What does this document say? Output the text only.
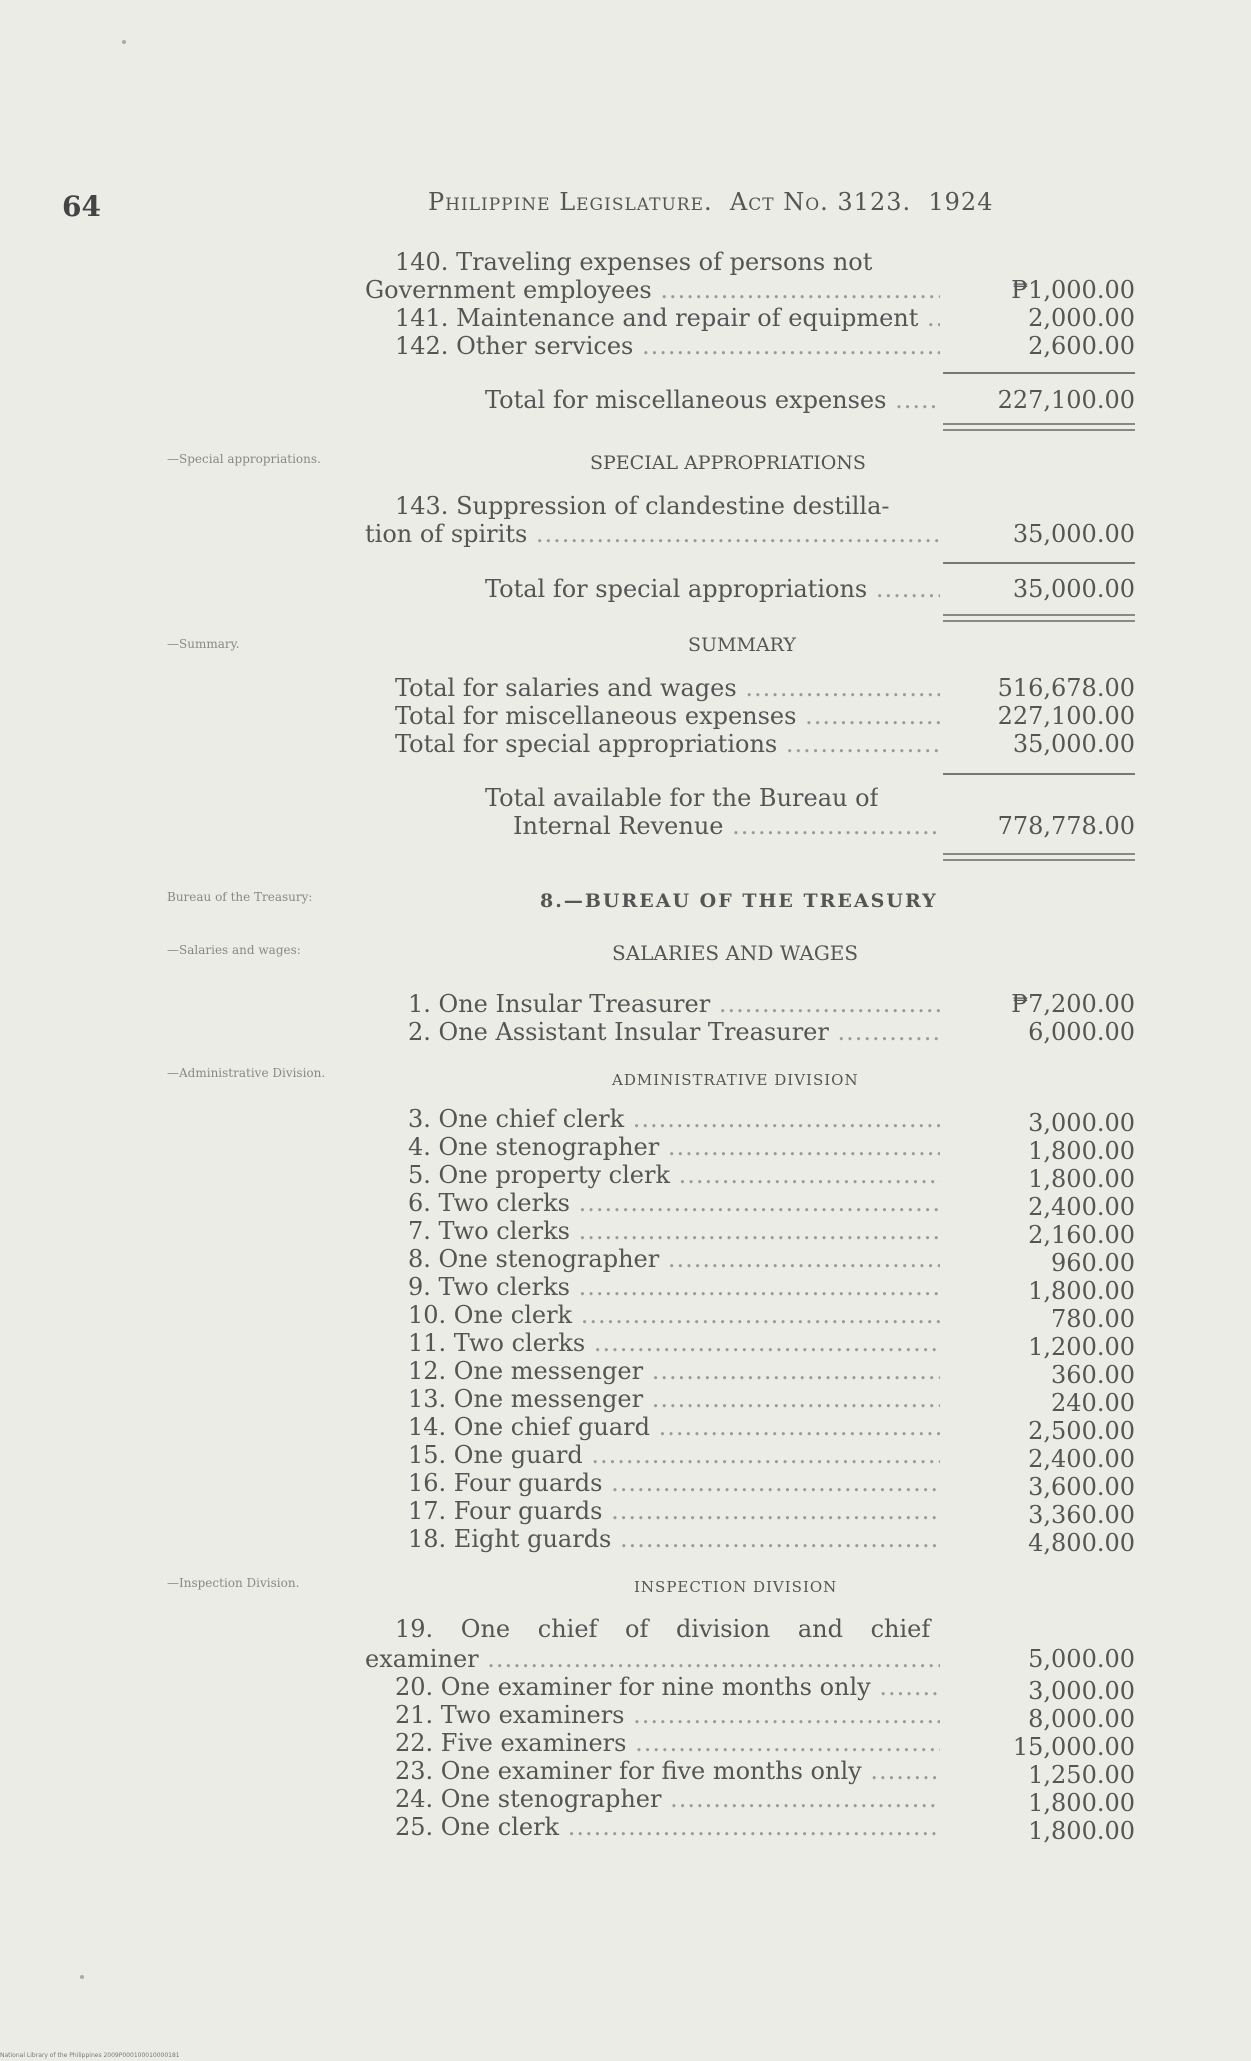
64	Philippine Legislature. Act No. 3123. 1924
140. Traveling expenses of persons not
Government employees .....	₱1,000.00
141. Maintenance and repair of equipment .....	2,000.00
142. Other services .....	2,600.00
Total for miscellaneous expenses .....	227,100.00
—Special appropriations.	SPECIAL APPROPRIATIONS
143. Suppression of clandestine destilla-
tion of spirits .....	35,000.00
Total for special appropriations .....	35,000.00
—Summary.	SUMMARY
Total for salaries and wages .....	516,678.00
Total for miscellaneous expenses .....	227,100.00
Total for special appropriations .....	35,000.00
Total available for the Bureau of
Internal Revenue .....	778,778.00
Bureau of the Treasury:	8.—BUREAU OF THE TREASURY
—Salaries and wages:	SALARIES AND WAGES
1. One Insular Treasurer .....	₱7,200.00
2. One Assistant Insular Treasurer .....	6,000.00
—Administrative Division.	ADMINISTRATIVE DIVISION
3. One chief clerk .....	3,000.00
4. One stenographer .....	1,800.00
5. One property clerk .....	1,800.00
6. Two clerks .....	2,400.00
7. Two clerks .....	2,160.00
8. One stenographer .....	960.00
9. Two clerks .....	1,800.00
10. One clerk .....	780.00
11. Two clerks .....	1,200.00
12. One messenger .....	360.00
13. One messenger .....	240.00
14. One chief guard .....	2,500.00
15. One guard .....	2,400.00
16. Four guards .....	3,600.00
17. Four guards .....	3,360.00
18. Eight guards .....	4,800.00
—Inspection Division.	INSPECTION DIVISION
19. One chief of division and chief
examiner .....	5,000.00
20. One examiner for nine months only .....	3,000.00
21. Two examiners .....	8,000.00
22. Five examiners .....	15,000.00
23. One examiner for five months only .....	1,250.00
24. One stenographer .....	1,800.00
25. One clerk .....	1,800.00
National Library of the Philippines 2009P000100010000181
